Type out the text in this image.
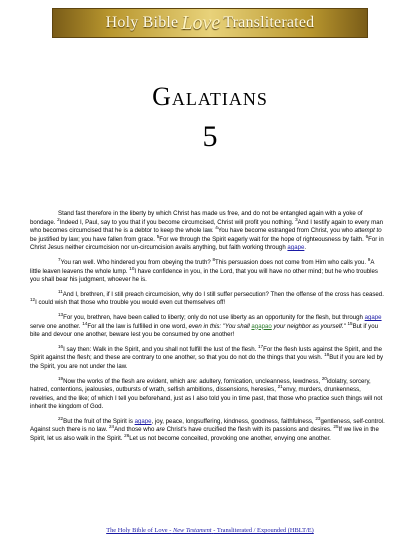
Holy Bible Love Transliterated
Galatians
5

Stand fast therefore in the liberty by which Christ has made us free, and do not be entangled again with a yoke of bondage. $^2$Indeed I, Paul, say to you that if you become circumcised, Christ will profit you nothing. $^3$And I testify again to every man who becomes circumcised that he is a debtor to keep the whole law. $^4$You have become estranged from Christ, you who attempt to be justified by law; you have fallen from grace. $^5$For we through the Spirit eagerly wait for the hope of righteousness by faith. $^6$For in Christ Jesus neither circumcision nor un-circumcision avails anything, but faith working through agape.

$^7$You ran well. Who hindered you from obeying the truth? $^8$This persuasion does not come from Him who calls you. $^9$A little leaven leavens the whole lump. $^{10}$I have confidence in you, in the Lord, that you will have no other mind; but he who troubles you shall bear his judgment, whoever he is.

$^{11}$And I, brethren, if I still preach circumcision, why do I still suffer persecution? Then the offense of the cross has ceased. $^{12}$I could wish that those who trouble you would even cut themselves off!

$^{13}$For you, brethren, have been called to liberty; only do not use liberty as an opportunity for the flesh, but through agape serve one another. $^{14}$For all the law is fulfilled in one word, even in this: "You shall agapao your neighbor as yourself." $^{15}$But if you bite and devour one another, beware lest you be consumed by one another!

$^{16}$I say then: Walk in the Spirit, and you shall not fulfill the lust of the flesh. $^{17}$For the flesh lusts against the Spirit, and the Spirit against the flesh; and these are contrary to one another, so that you do not do the things that you wish. $^{18}$But if you are led by the Spirit, you are not under the law.

$^{19}$Now the works of the flesh are evident, which are: adultery, fornication, uncleanness, lewdness, $^{20}$idolatry, sorcery, hatred, contentions, jealousies, outbursts of wrath, selfish ambitions, dissensions, heresies, $^{21}$envy, murders, drunkenness, revelries, and the like; of which I tell you beforehand, just as I also told you in time past, that those who practice such things will not inherit the kingdom of God.

$^{22}$But the fruit of the Spirit is agape, joy, peace, longsuffering, kindness, goodness, faithfulness, $^{23}$gentleness, self-control. Against such there is no law. $^{24}$And those who are Christ's have crucified the flesh with its passions and desires. $^{25}$If we live in the Spirit, let us also walk in the Spirit. $^{26}$Let us not become conceited, provoking one another, envying one another.

The Holy Bible of Love - New Testament - Transliterated / Expounded (HBLT/E)
